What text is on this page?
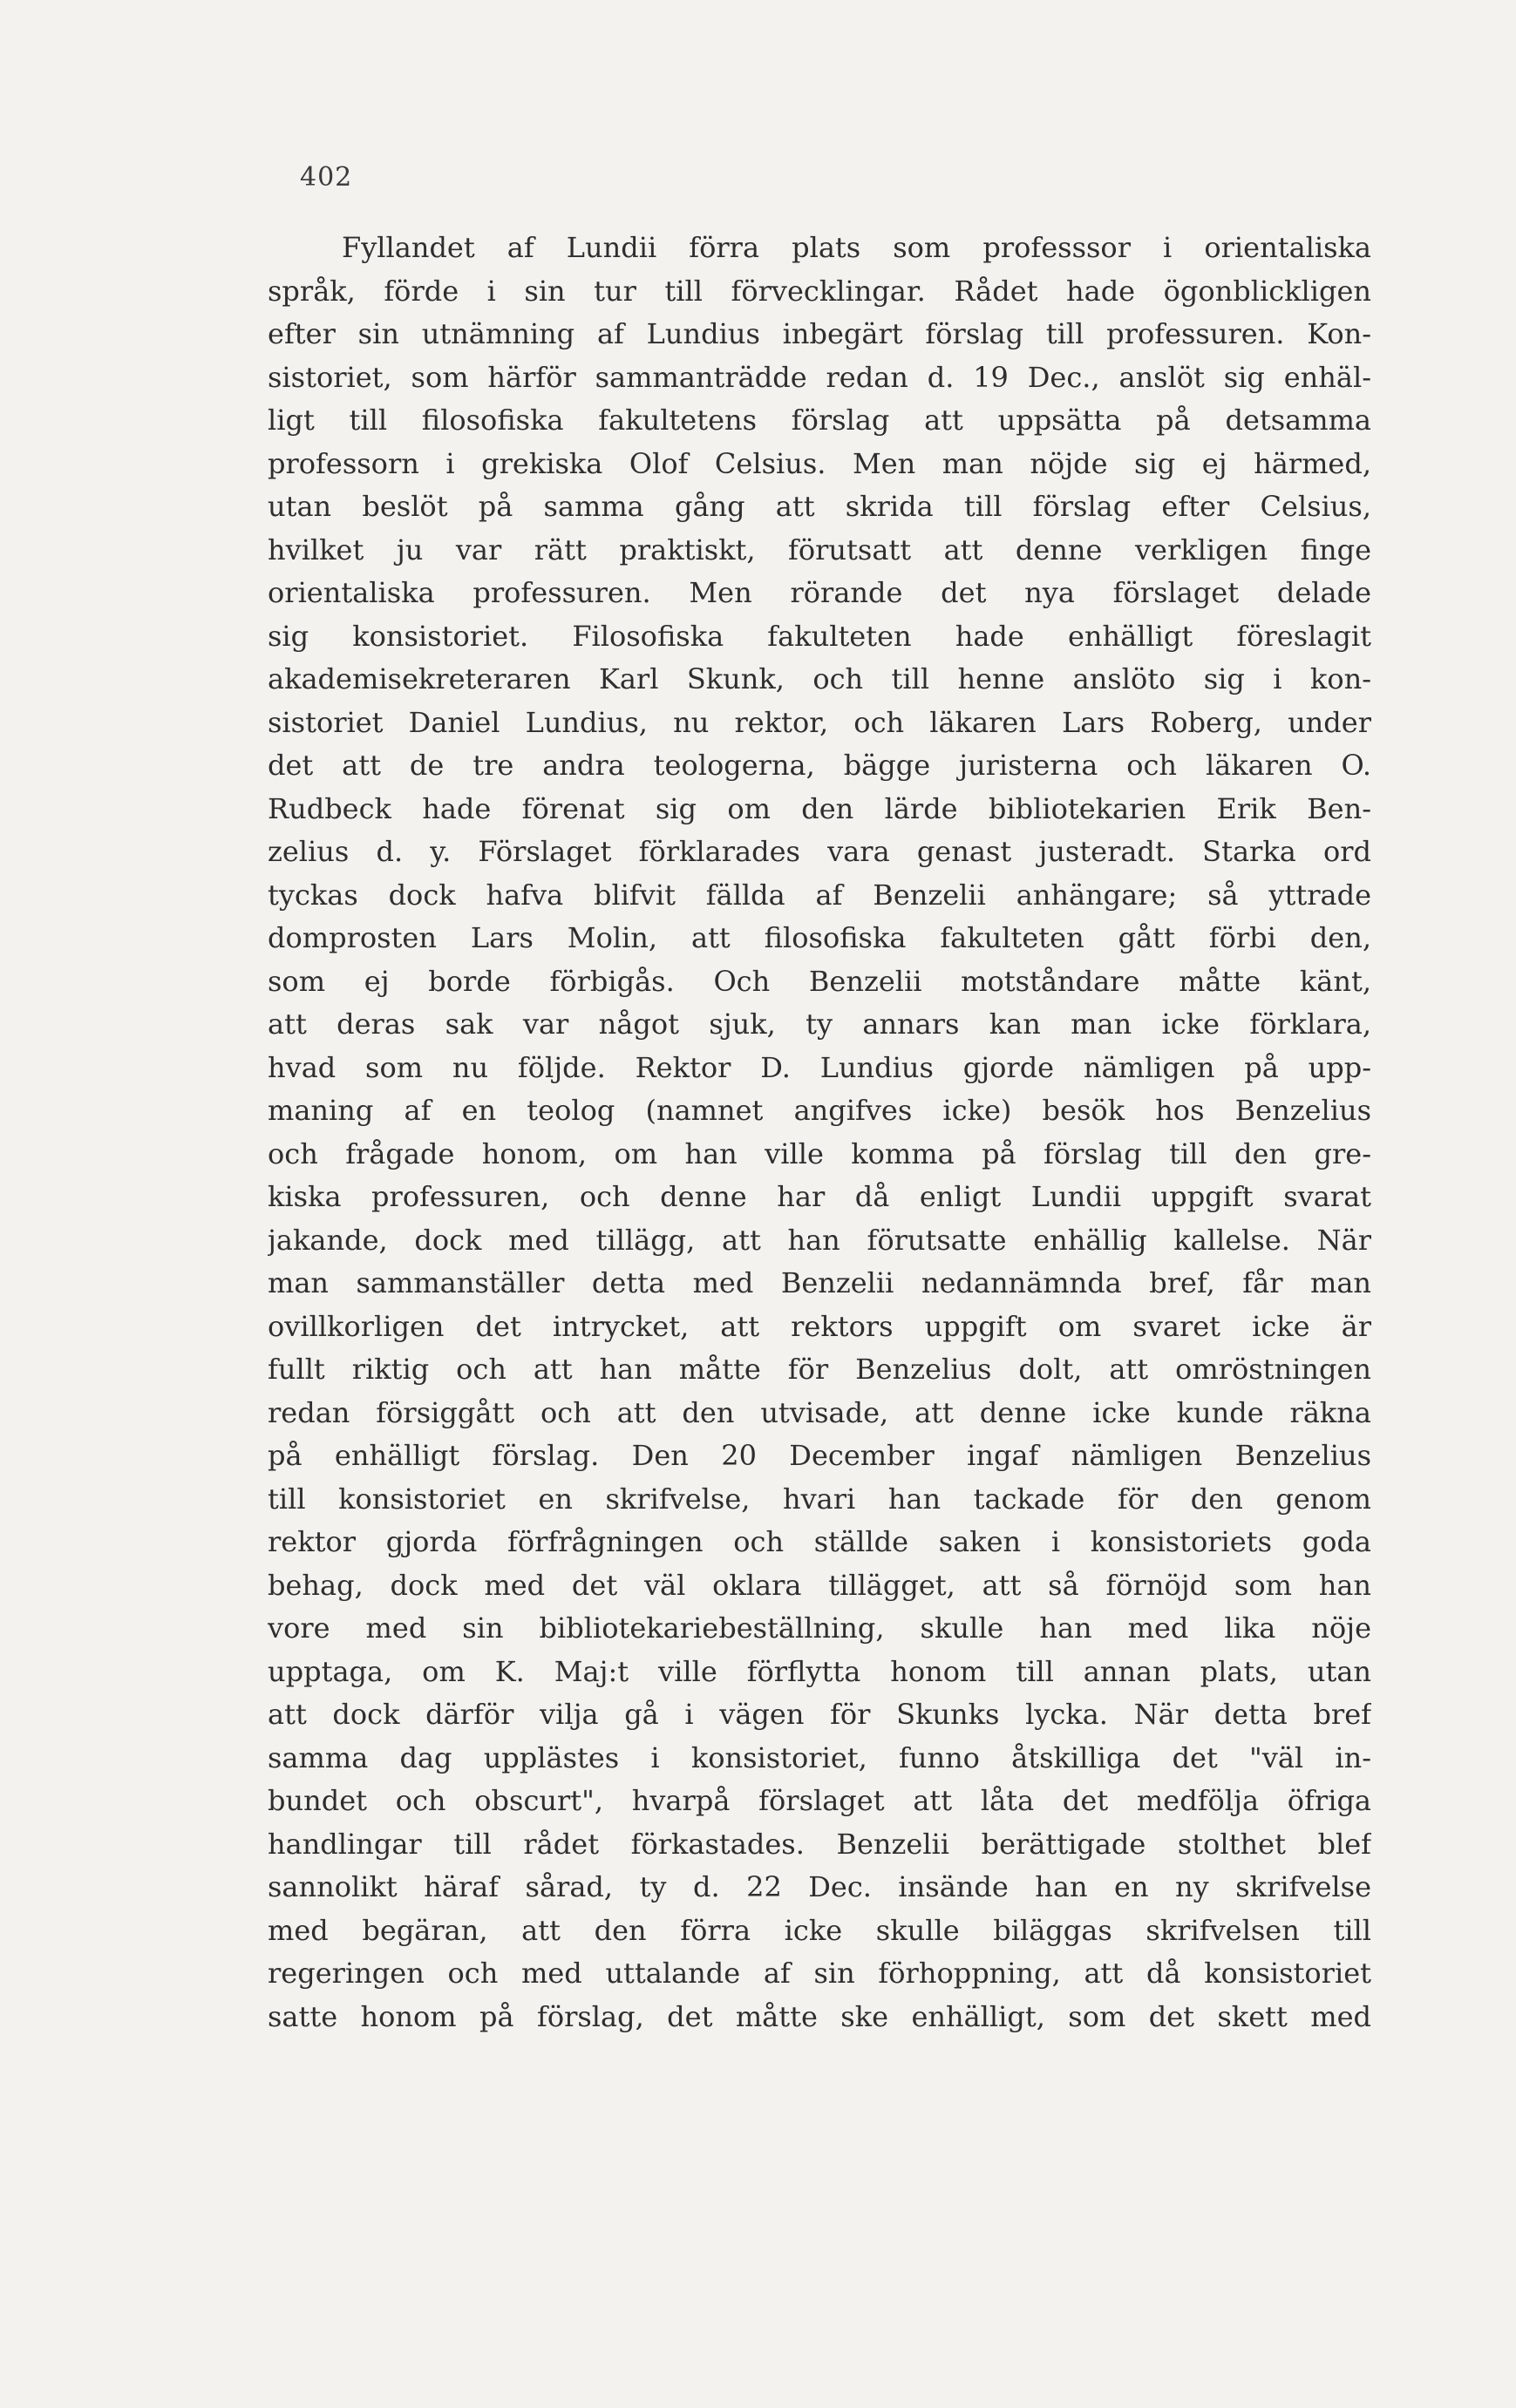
402
Fyllandet af Lundii förra plats som professsor i orientaliska
språk, förde i sin tur till förvecklingar. Rådet hade ögonblickligen
efter sin utnämning af Lundius inbegärt förslag till professuren. Kon-
sistoriet, som härför sammanträdde redan d. 19 Dec., anslöt sig enhäl-
ligt till filosofiska fakultetens förslag att uppsätta på detsamma
professorn i grekiska Olof Celsius. Men man nöjde sig ej härmed,
utan beslöt på samma gång att skrida till förslag efter Celsius,
hvilket ju var rätt praktiskt, förutsatt att denne verkligen finge
orientaliska professuren. Men rörande det nya förslaget delade
sig konsistoriet. Filosofiska fakulteten hade enhälligt föreslagit
akademisekreteraren Karl Skunk, och till henne anslöto sig i kon-
sistoriet Daniel Lundius, nu rektor, och läkaren Lars Roberg, under
det att de tre andra teologerna, bägge juristerna och läkaren O.
Rudbeck hade förenat sig om den lärde bibliotekarien Erik Ben-
zelius d. y. Förslaget förklarades vara genast justeradt. Starka ord
tyckas dock hafva blifvit fällda af Benzelii anhängare; så yttrade
domprosten Lars Molin, att filosofiska fakulteten gått förbi den,
som ej borde förbigås. Och Benzelii motståndare måtte känt,
att deras sak var något sjuk, ty annars kan man icke förklara,
hvad som nu följde. Rektor D. Lundius gjorde nämligen på upp-
maning af en teolog (namnet angifves icke) besök hos Benzelius
och frågade honom, om han ville komma på förslag till den gre-
kiska professuren, och denne har då enligt Lundii uppgift svarat
jakande, dock med tillägg, att han förutsatte enhällig kallelse. När
man sammanställer detta med Benzelii nedannämnda bref, får man
ovillkorligen det intrycket, att rektors uppgift om svaret icke är
fullt riktig och att han måtte för Benzelius dolt, att omröstningen
redan försiggått och att den utvisade, att denne icke kunde räkna
på enhälligt förslag. Den 20 December ingaf nämligen Benzelius
till konsistoriet en skrifvelse, hvari han tackade för den genom
rektor gjorda förfrågningen och ställde saken i konsistoriets goda
behag, dock med det väl oklara tillägget, att så förnöjd som han
vore med sin bibliotekariebeställning, skulle han med lika nöje
upptaga, om K. Maj:t ville förflytta honom till annan plats, utan
att dock därför vilja gå i vägen för Skunks lycka. När detta bref
samma dag upplästes i konsistoriet, funno åtskilliga det "väl in-
bundet och obscurt", hvarpå förslaget att låta det medfölja öfriga
handlingar till rådet förkastades. Benzelii berättigade stolthet blef
sannolikt häraf sårad, ty d. 22 Dec. insände han en ny skrifvelse
med begäran, att den förra icke skulle biläggas skrifvelsen till
regeringen och med uttalande af sin förhoppning, att då konsistoriet
satte honom på förslag, det måtte ske enhälligt, som det skett med
